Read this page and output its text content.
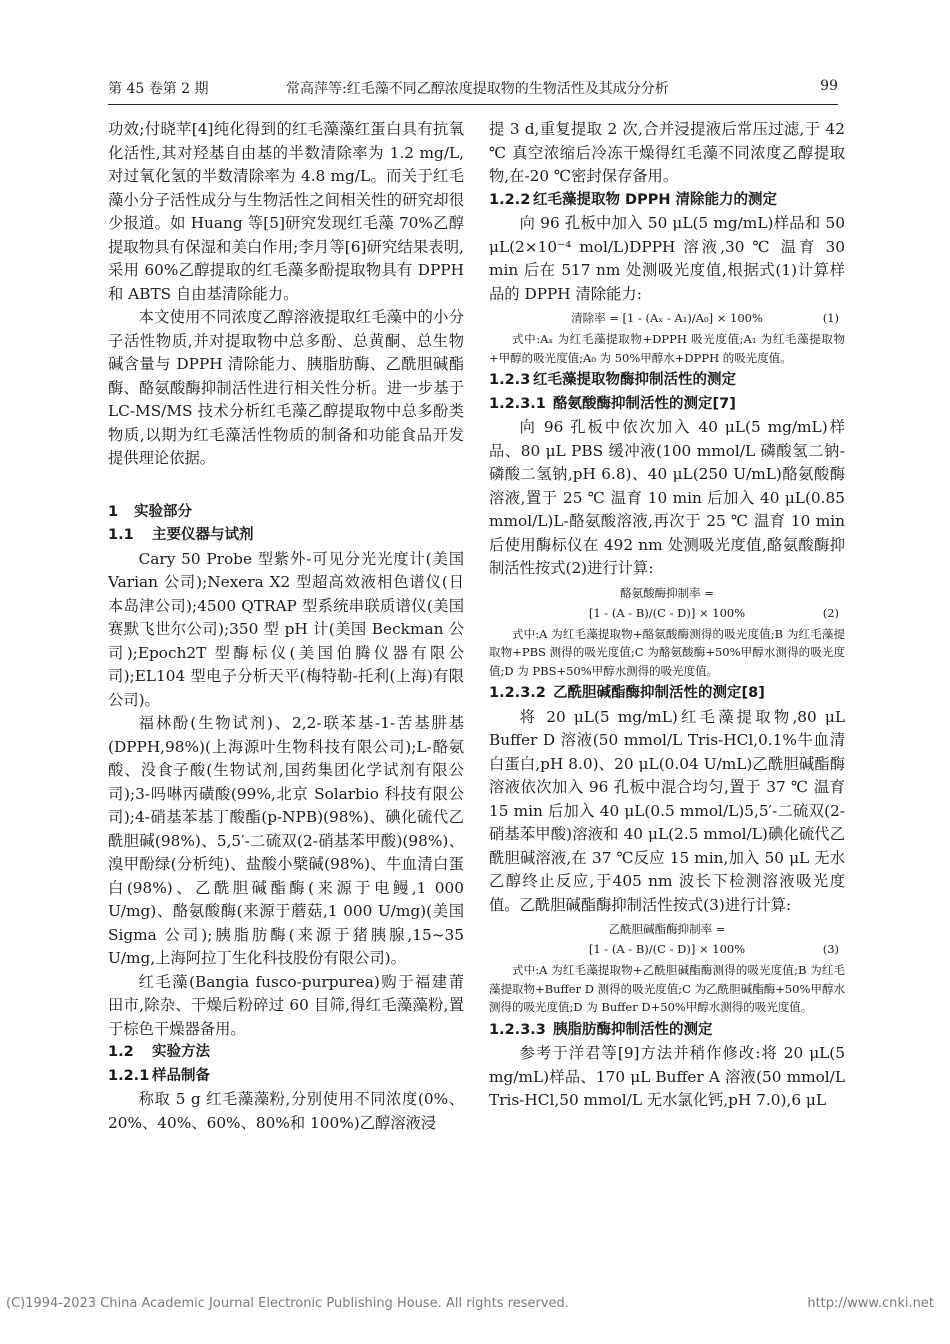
第 45 卷第 2 期	常高萍等:红毛藻不同乙醇浓度提取物的生物活性及其成分分析	99

功效;付晓苹[4]纯化得到的红毛藻藻红蛋白具有抗氧化活性,其对羟基自由基的半数清除率为 1.2 mg/L,对过氧化氢的半数清除率为 4.8 mg/L。而关于红毛藻小分子活性成分与生物活性之间相关性的研究却很少报道。如 Huang 等[5]研究发现红毛藻 70%乙醇提取物具有保湿和美白作用;李月等[6]研究结果表明,采用 60%乙醇提取的红毛藻多酚提取物具有 DPPH 和 ABTS 自由基清除能力。

本文使用不同浓度乙醇溶液提取红毛藻中的小分子活性物质,并对提取物中总多酚、总黄酮、总生物碱含量与 DPPH 清除能力、胰脂肪酶、乙酰胆碱酯酶、酪氨酸酶抑制活性进行相关性分析。进一步基于 LC-MS/MS 技术分析红毛藻乙醇提取物中总多酚类物质,以期为红毛藻活性物质的制备和功能食品开发提供理论依据。

1 实验部分
1.1 主要仪器与试剂

Cary 50 Probe 型紫外-可见分光光度计(美国 Varian 公司);Nexera X2 型超高效液相色谱仪(日本岛津公司);4500 QTRAP 型系统串联质谱仪(美国赛默飞世尔公司);350 型 pH 计(美国 Beckman 公司);Epoch2T 型酶标仪(美国伯腾仪器有限公司);EL104 型电子分析天平(梅特勒-托利(上海)有限公司)。

福林酚(生物试剂)、2,2-联苯基-1-苦基肼基(DPPH,98%)(上海源叶生物科技有限公司);L-酪氨酸、没食子酸(生物试剂,国药集团化学试剂有限公司);3-吗啉丙磺酸(99%,北京 Solarbio 科技有限公司);4-硝基苯基丁酸酯(p-NPB)(98%)、碘化硫代乙酰胆碱(98%)、5,5′-二硫双(2-硝基苯甲酸)(98%)、溴甲酚绿(分析纯)、盐酸小檗碱(98%)、牛血清白蛋白(98%)、乙酰胆碱酯酶(来源于电鳗,1 000 U/mg)、酪氨酸酶(来源于蘑菇,1 000 U/mg)(美国 Sigma 公司);胰脂肪酶(来源于猪胰腺,15~35 U/mg,上海阿拉丁生化科技股份有限公司)。

红毛藻(Bangia fusco-purpurea)购于福建莆田市,除杂、干燥后粉碎过 60 目筛,得红毛藻藻粉,置于棕色干燥器备用。

1.2 实验方法
1.2.1 样品制备

称取 5 g 红毛藻藻粉,分别使用不同浓度(0%、20%、40%、60%、80%和 100%)乙醇溶液浸

提 3 d,重复提取 2 次,合并浸提液后常压过滤,于 42 ℃ 真空浓缩后冷冻干燥得红毛藻不同浓度乙醇提取物,在-20 ℃密封保存备用。

1.2.2 红毛藻提取物 DPPH 清除能力的测定

向 96 孔板中加入 50 μL(5 mg/mL)样品和 50 μL(2×10⁻⁴ mol/L)DPPH 溶液,30 ℃ 温育 30 min 后在 517 nm 处测吸光度值,根据式(1)计算样品的 DPPH 清除能力:

清除率 = [1 - (Aₓ - A₁)/A₀] × 100%	(1)

式中:Aₓ 为红毛藻提取物+DPPH 吸光度值;A₁ 为红毛藻提取物+甲醇的吸光度值;A₀ 为 50%甲醇水+DPPH 的吸光度值。

1.2.3 红毛藻提取物酶抑制活性的测定
1.2.3.1 酪氨酸酶抑制活性的测定[7]

向 96 孔板中依次加入 40 μL(5 mg/mL)样品、80 μL PBS 缓冲液(100 mmol/L 磷酸氢二钠-磷酸二氢钠,pH 6.8)、40 μL(250 U/mL)酪氨酸酶溶液,置于 25 ℃ 温育 10 min 后加入 40 μL(0.85 mmol/L)L-酪氨酸溶液,再次于 25 ℃ 温育 10 min 后使用酶标仪在 492 nm 处测吸光度值,酪氨酸酶抑制活性按式(2)进行计算:

酪氨酸酶抑制率 =
[1 - (A - B)/(C - D)] × 100%	(2)

式中:A 为红毛藻提取物+酪氨酸酶测得的吸光度值;B 为红毛藻提取物+PBS 测得的吸光度值;C 为酪氨酸酶+50%甲醇水测得的吸光度值;D 为 PBS+50%甲醇水测得的吸光度值。

1.2.3.2 乙酰胆碱酯酶抑制活性的测定[8]

将 20 μL(5 mg/mL)红毛藻提取物,80 μL Buffer D 溶液(50 mmol/L Tris-HCl,0.1%牛血清白蛋白,pH 8.0)、20 μL(0.04 U/mL)乙酰胆碱酯酶溶液依次加入 96 孔板中混合均匀,置于 37 ℃ 温育 15 min 后加入 40 μL(0.5 mmol/L)5,5′-二硫双(2-硝基苯甲酸)溶液和 40 μL(2.5 mmol/L)碘化硫代乙酰胆碱溶液,在 37 ℃反应 15 min,加入 50 μL 无水乙醇终止反应,于405 nm 波长下检测溶液吸光度值。乙酰胆碱酯酶抑制活性按式(3)进行计算:

乙酰胆碱酯酶抑制率 =
[1 - (A - B)/(C - D)] × 100%	(3)

式中:A 为红毛藻提取物+乙酰胆碱酯酶测得的吸光度值;B 为红毛藻提取物+Buffer D 测得的吸光度值;C 为乙酰胆碱酯酶+50%甲醇水测得的吸光度值;D 为 Buffer D+50%甲醇水测得的吸光度值。

1.2.3.3 胰脂肪酶抑制活性的测定

参考于洋君等[9]方法并稍作修改:将 20 μL(5 mg/mL)样品、170 μL Buffer A 溶液(50 mmol/L Tris-HCl,50 mmol/L 无水氯化钙,pH 7.0),6 μL

(C)1994-2023 China Academic Journal Electronic Publishing House. All rights reserved.	http://www.cnki.net
